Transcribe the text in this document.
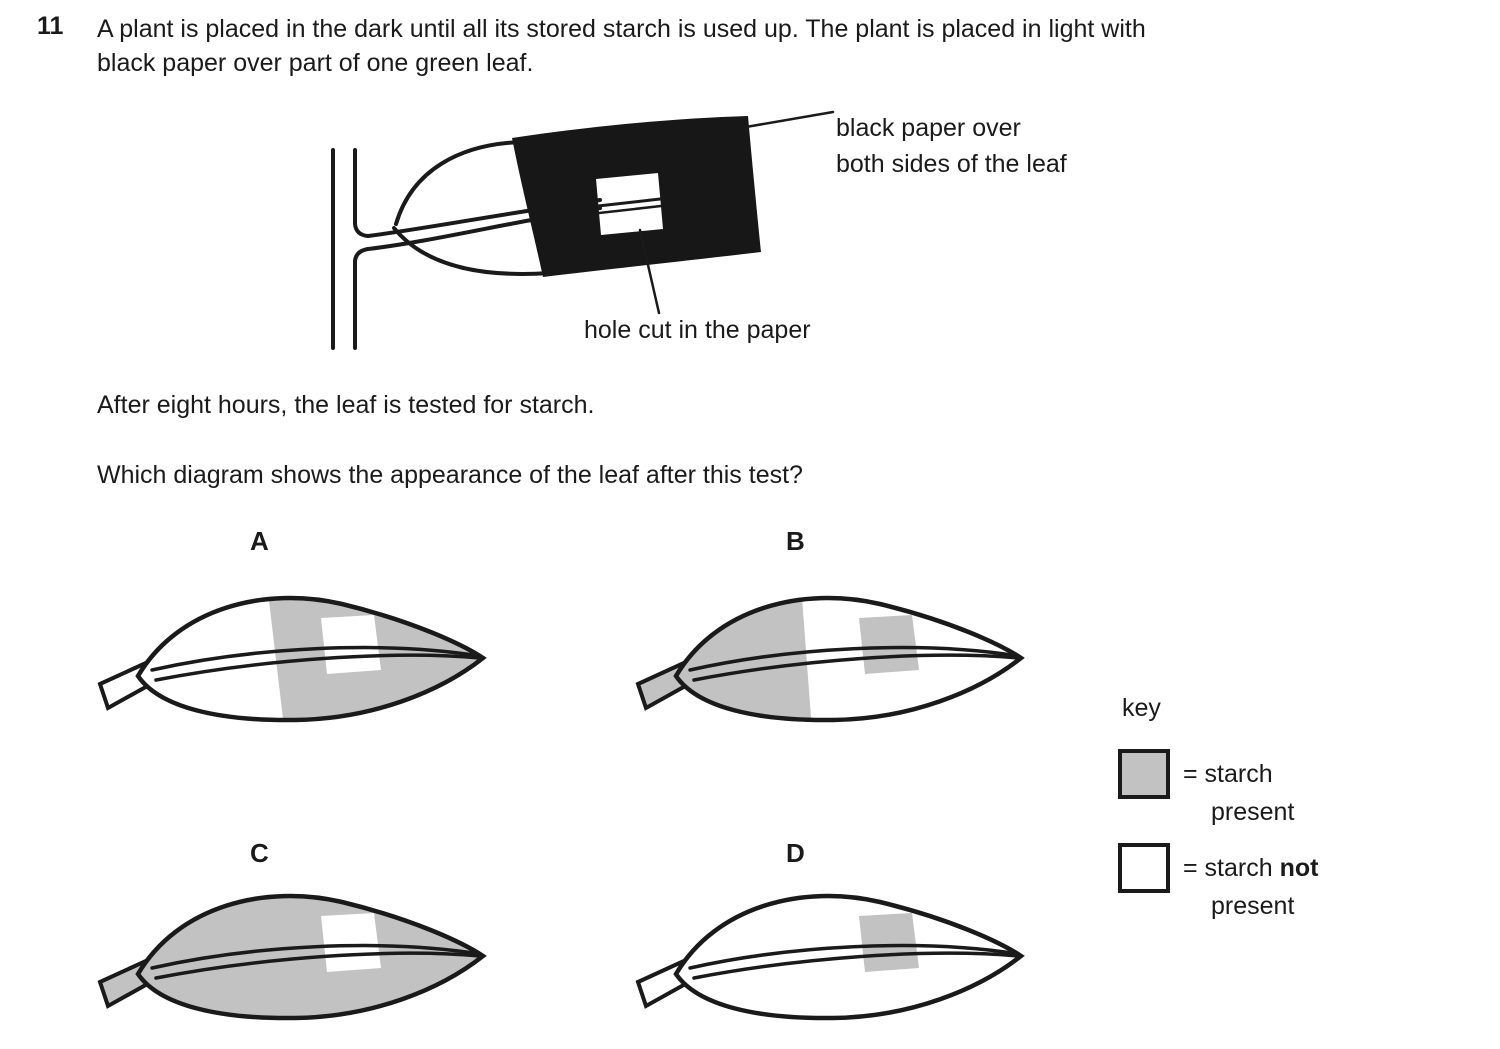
11 A plant is placed in the dark until all its stored starch is used up. The plant is placed in light with
black paper over part of one green leaf.
black paper over
both sides of the leaf
hole cut in the paper
After eight hours, the leaf is tested for starch.
Which diagram shows the appearance of the leaf after this test?
A	B
C	D
key
= starch
present
= starch not
present
